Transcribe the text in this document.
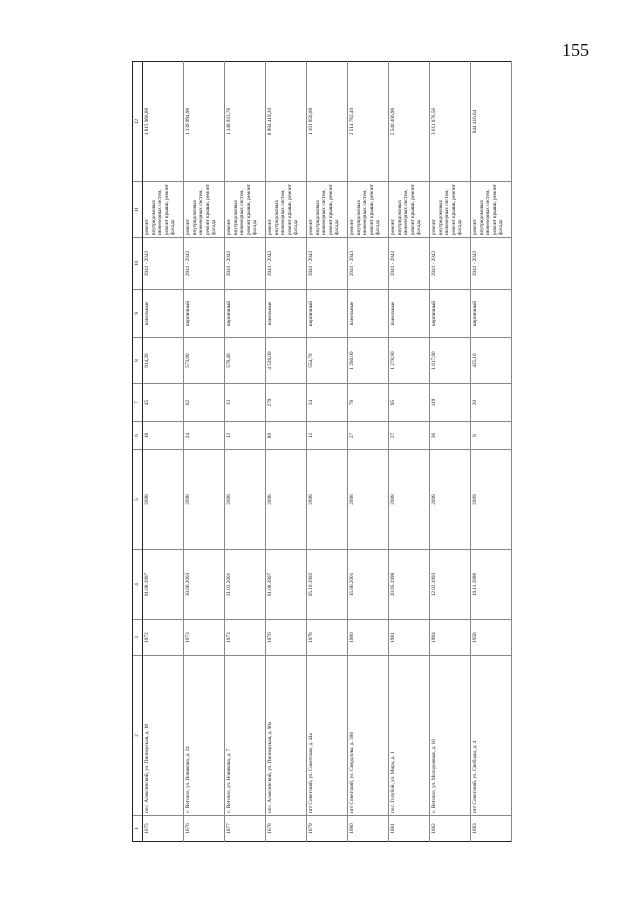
155
1	2	3	4	5	6	7	8	9	10	11	12
1675	пос. Алексинский, ул. Пионерская, д. 18	1972	01.08.1997	2008	18	45	914,20	панельные	2041 - 2043	ремонт внутридомовых инженерных систем, ремонт крыши, ремонт фасада	1 815 966,88
1676	с. Ветское, ул. Новикова, д. 24	1973	30.06.2003	2008	24	62	573,90	кирпичный	2041 - 2043	ремонт внутридомовых инженерных систем, ремонт крыши, ремонт фасада	1 139 994,96
1677	с. Ветское, ул. Новикова, д. 7	1973	31.03.2001	2008	12	33	578,40	кирпичный	2041 - 2043	ремонт внутридомовых инженерных систем, ремонт крыши, ремонт фасада	1 148 933,76
1678	пос. Алексинский, ул. Пионерская, д. 90а	1976	01.08.1997	2008	89	279	4 528,00	панельные	2041 - 2043	ремонт внутридомовых инженерных систем, ремонт крыши, ремонт фасада	8 994 419,20
1679	пгт Советский, ул. Советская, д. 44а	1978	05.10.1992	2008	12	24	554,70	кирпичный	2041 - 2043	ремонт внутридомовых инженерных систем, ремонт крыши, ремонт фасада	1 101 856,08
1680	пгт Советский, ул. Свердлова, д. 306	1980	15.06.2001	2008	27	78	1 266,00	панельные	2041 - 2043	ремонт внутридомовых инженерных систем, ремонт крыши, ремонт фасада	2 514 782,40
1681	пос. Голубой, ул. Мира, д. 1	1981	20.05.1998	2008	27	95	1 278,90	панельные	2041 - 2043	ремонт внутридомовых инженерных систем, ремонт крыши, ремонт фасада	2 540 406,96
1682	с. Ветское, ул. Молодежная, д. 16	1984	12.02.1993	2008	36	119	1 817,90	кирпичный	2041 - 2043	ремонт внутридомовых инженерных систем, ремонт крыши, ремонт фасада	3 611 076,56
1683	пгт Советский, ул. Свободы, д. 4	1958	19.11.1998	2009	8	20	425,10	кирпичный	2041 - 2043	ремонт внутридомовых инженерных систем, ремонт крыши, ремонт фасада	844 416,64
